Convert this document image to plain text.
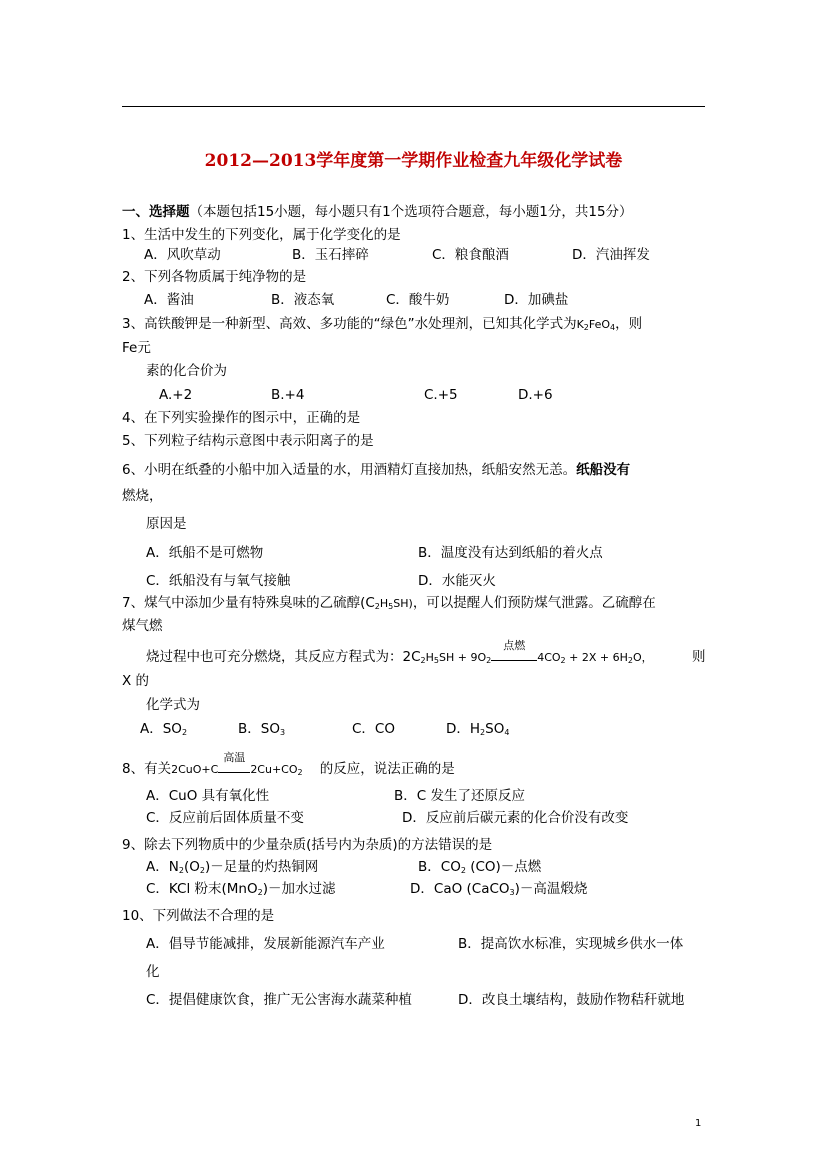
2012—2013学年度第一学期作业检查九年级化学试卷
一、选择题（本题包括15小题，每小题只有1个选项符合题意，每小题1分，共15分）
1、生活中发生的下列变化，属于化学变化的是
A．风吹草动	B．玉石摔碎	C．粮食酿酒	D．汽油挥发
2、下列各物质属于纯净物的是
A．酱油	B．液态氧	C．酸牛奶	D．加碘盐
3、高铁酸钾是一种新型、高效、多功能的“绿色”水处理剂，已知其化学式为$K_2FeO_4$，则
Fe元
素的化合价为
A.+2	B.+4	C.+5	D.+6
4、在下列实验操作的图示中，正确的是
5、下列粒子结构示意图中表示阳离子的是
6、小明在纸叠的小船中加入适量的水，用酒精灯直接加热，纸船安然无恙。纸船没有
燃烧，
原因是
A．纸船不是可燃物	B．温度没有达到纸船的着火点
C．纸船没有与氧气接触	D．水能灭火
7、煤气中添加少量有特殊臭味的乙硫醇$(C_2H_5SH)$，可以提醒人们预防煤气泄露。乙硫醇在
煤气燃
烧过程中也可充分燃烧，其反应方程式为：$2C_2H_5SH + 9O_2$
点燃
$4CO_2 + 2X + 6H_2O$，	则
X 的
化学式为
A．$SO_2$	B．$SO_3$	C．CO	D．$H_2SO_4$
8、有关2CuO+C
高温
$2Cu+CO_2$ 的反应，说法正确的是
A．CuO 具有氧化性	B．C 发生了还原反应
C．反应前后固体质量不变	D．反应前后碳元素的化合价没有改变
9、除去下列物质中的少量杂质(括号内为杂质)的方法错误的是
A．$N_2(O_2)-$足量的灼热铜网	B．$CO_2$ (CO)－点燃
C．KCl 粉末(MnO$_2$)－加水过滤	D．CaO (CaCO$_3$)－高温煅烧
10、下列做法不合理的是
A．倡导节能减排，发展新能源汽车产业	B．提高饮水标准，实现城乡供水一体
化
C．提倡健康饮食，推广无公害海水蔬菜种植	D．改良土壤结构，鼓励作物秸秆就地
1
